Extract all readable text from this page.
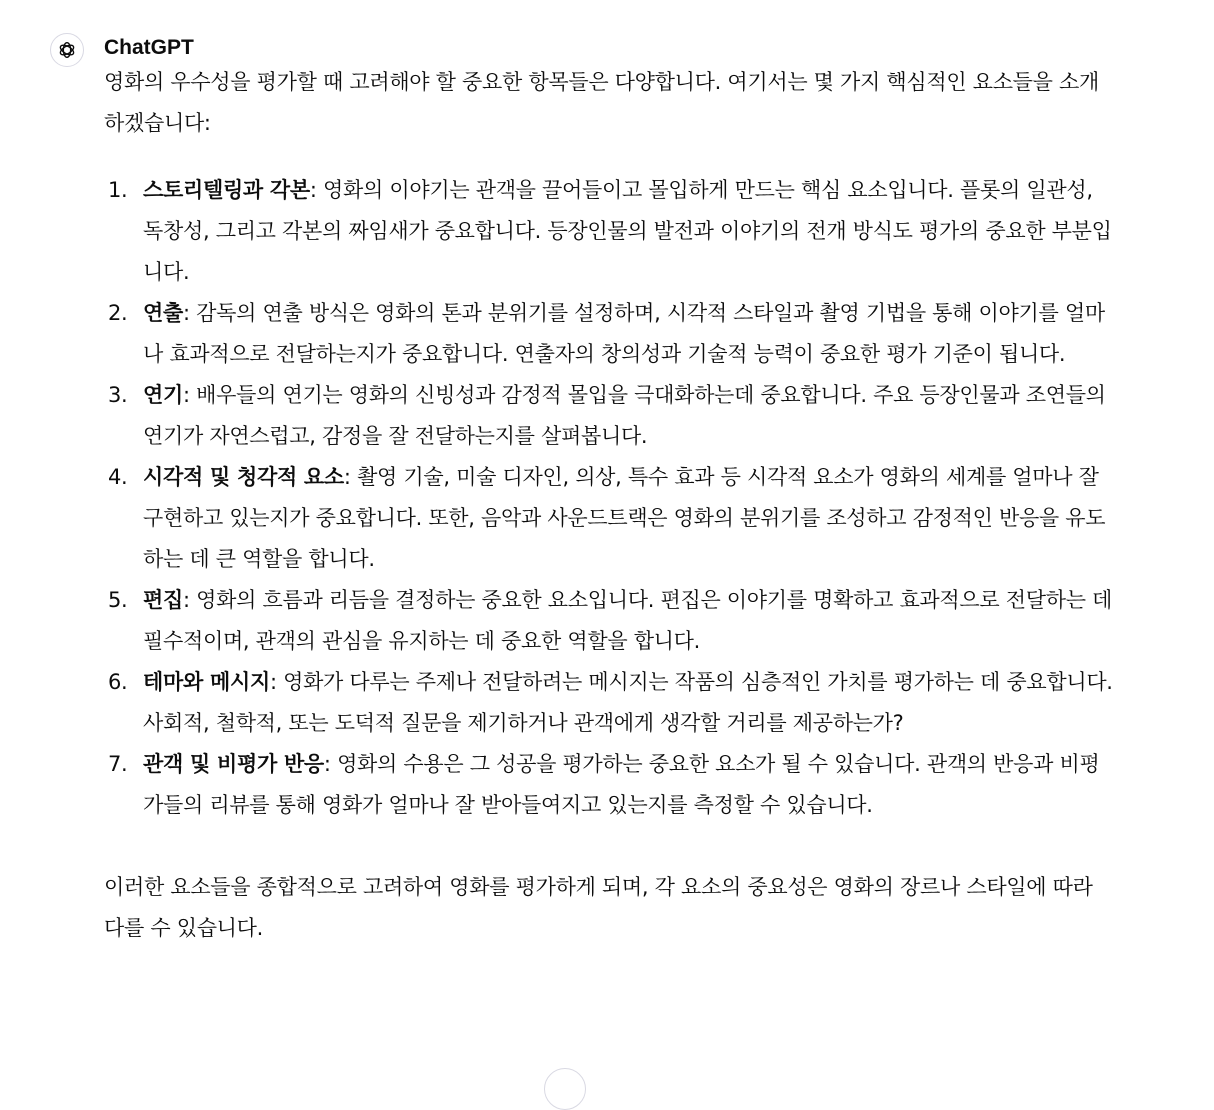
ChatGPT

영화의 우수성을 평가할 때 고려해야 할 중요한 항목들은 다양합니다. 여기서는 몇 가지 핵심적인 요소들을 소개하겠습니다:

1. 스토리텔링과 각본: 영화의 이야기는 관객을 끌어들이고 몰입하게 만드는 핵심 요소입니다. 플롯의 일관성, 독창성, 그리고 각본의 짜임새가 중요합니다. 등장인물의 발전과 이야기의 전개 방식도 평가의 중요한 부분입니다.
2. 연출: 감독의 연출 방식은 영화의 톤과 분위기를 설정하며, 시각적 스타일과 촬영 기법을 통해 이야기를 얼마나 효과적으로 전달하는지가 중요합니다. 연출자의 창의성과 기술적 능력이 중요한 평가 기준이 됩니다.
3. 연기: 배우들의 연기는 영화의 신빙성과 감정적 몰입을 극대화하는데 중요합니다. 주요 등장인물과 조연들의 연기가 자연스럽고, 감정을 잘 전달하는지를 살펴봅니다.
4. 시각적 및 청각적 요소: 촬영 기술, 미술 디자인, 의상, 특수 효과 등 시각적 요소가 영화의 세계를 얼마나 잘 구현하고 있는지가 중요합니다. 또한, 음악과 사운드트랙은 영화의 분위기를 조성하고 감정적인 반응을 유도하는 데 큰 역할을 합니다.
5. 편집: 영화의 흐름과 리듬을 결정하는 중요한 요소입니다. 편집은 이야기를 명확하고 효과적으로 전달하는 데 필수적이며, 관객의 관심을 유지하는 데 중요한 역할을 합니다.
6. 테마와 메시지: 영화가 다루는 주제나 전달하려는 메시지는 작품의 심층적인 가치를 평가하는 데 중요합니다. 사회적, 철학적, 또는 도덕적 질문을 제기하거나 관객에게 생각할 거리를 제공하는가?
7. 관객 및 비평가 반응: 영화의 수용은 그 성공을 평가하는 중요한 요소가 될 수 있습니다. 관객의 반응과 비평가들의 리뷰를 통해 영화가 얼마나 잘 받아들여지고 있는지를 측정할 수 있습니다.

이러한 요소들을 종합적으로 고려하여 영화를 평가하게 되며, 각 요소의 중요성은 영화의 장르나 스타일에 따라 다를 수 있습니다.
